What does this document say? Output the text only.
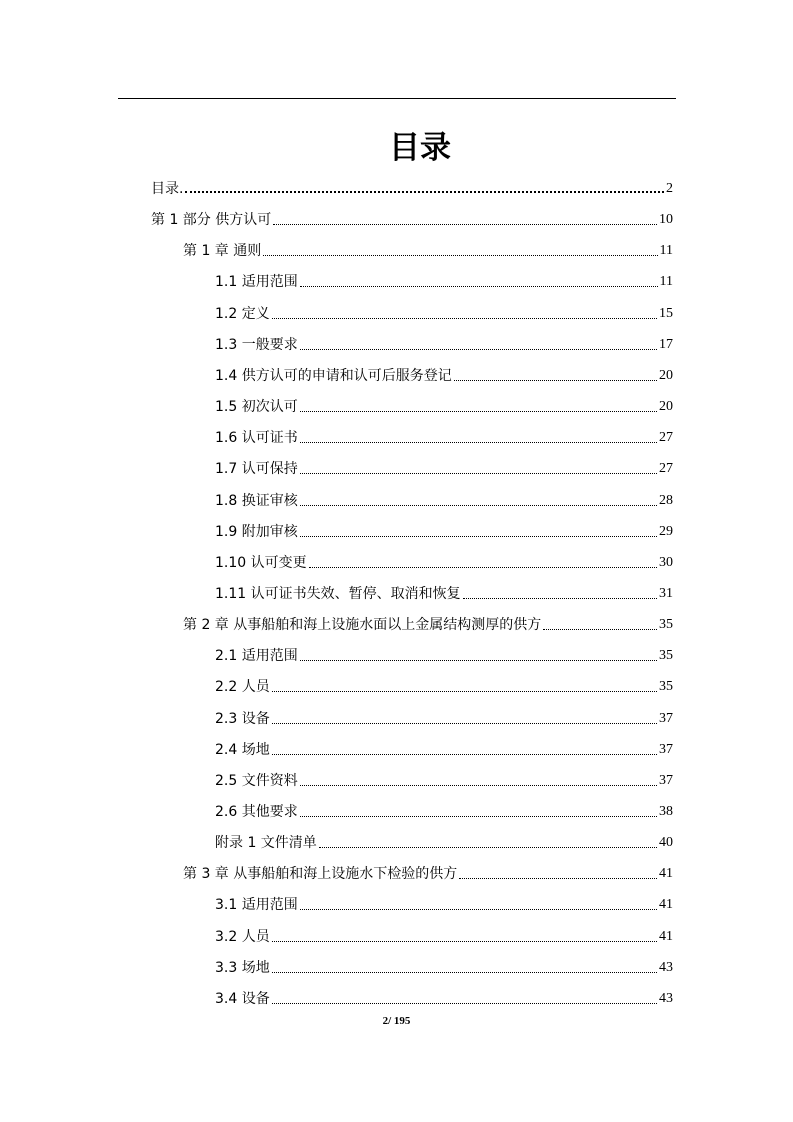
目录
目录.	2
第 1 部分 供方认可	10
第 1 章 通则	11
1.1 适用范围	11
1.2 定义	15
1.3 一般要求	17
1.4 供方认可的申请和认可后服务登记	20
1.5 初次认可	20
1.6 认可证书	27
1.7 认可保持	27
1.8 换证审核	28
1.9 附加审核	29
1.10 认可变更	30
1.11 认可证书失效、暂停、取消和恢复	31
第 2 章 从事船舶和海上设施水面以上金属结构测厚的供方	35
2.1 适用范围	35
2.2 人员	35
2.3 设备	37
2.4 场地	37
2.5 文件资料	37
2.6 其他要求	38
附录 1 文件清单	40
第 3 章 从事船舶和海上设施水下检验的供方	41
3.1 适用范围	41
3.2 人员	41
3.3 场地	43
3.4 设备	43
2/ 195
